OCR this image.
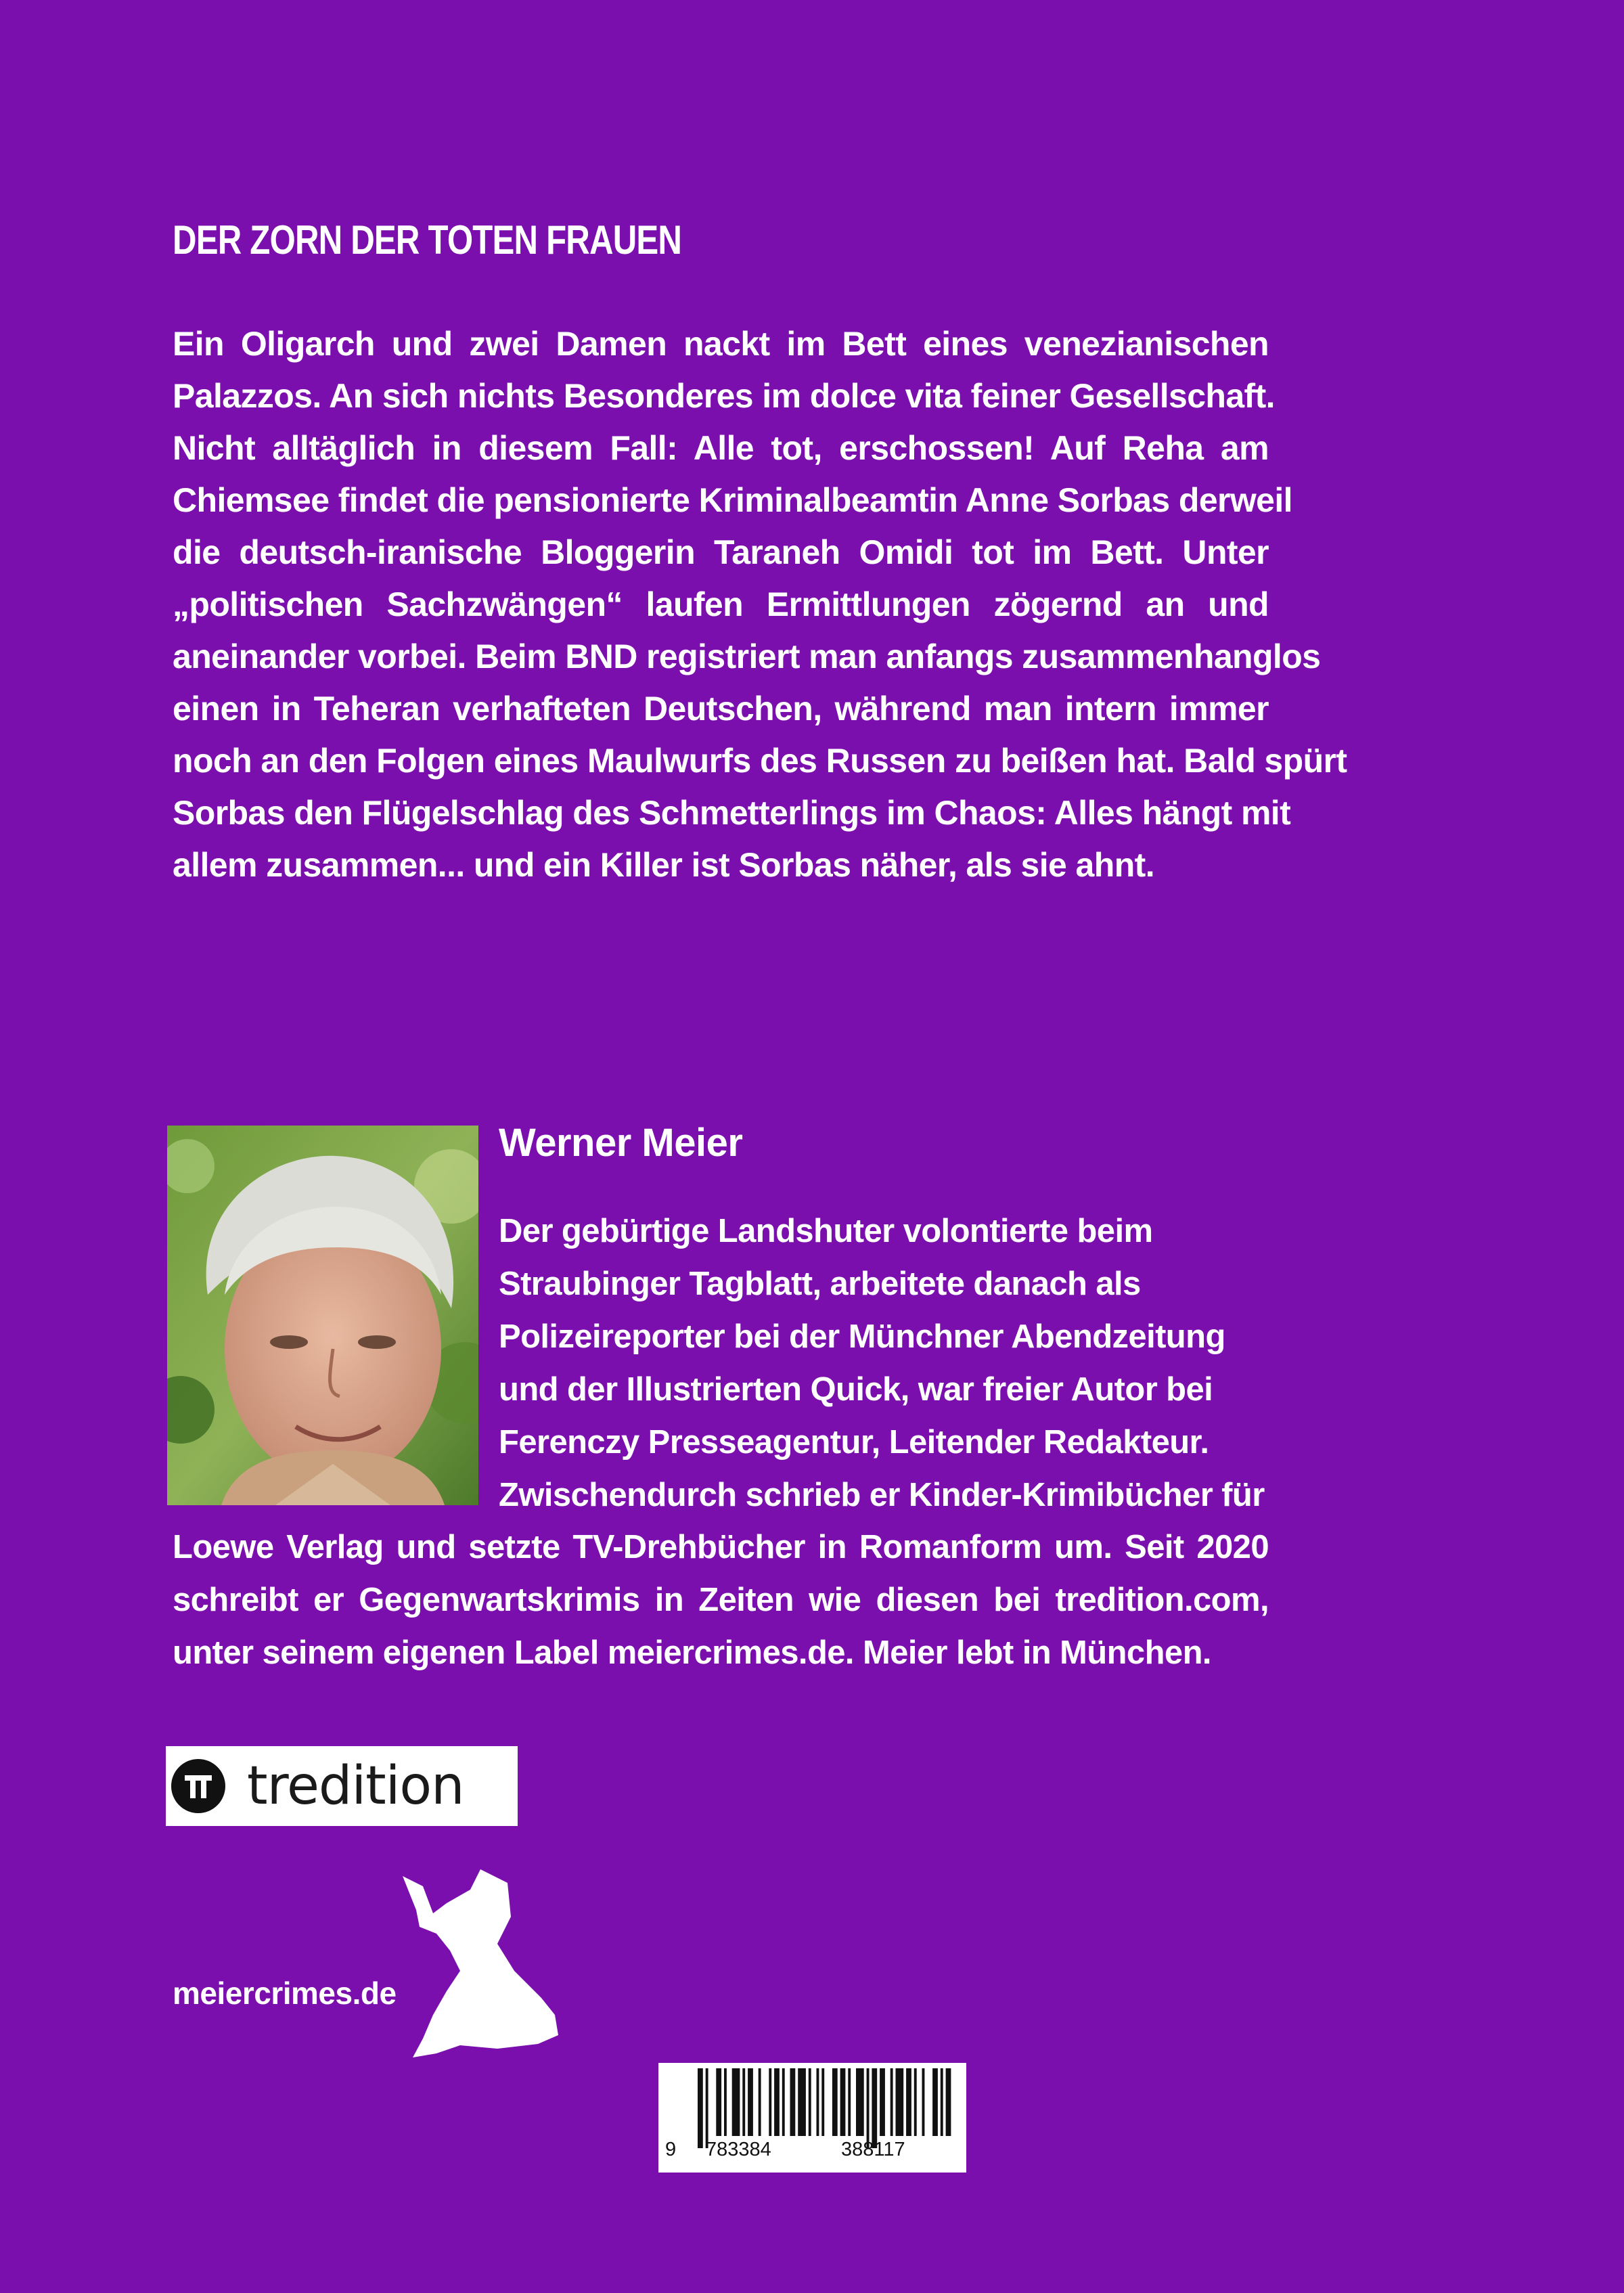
DER ZORN DER TOTEN FRAUEN
Ein Oligarch und zwei Damen nackt im Bett eines venezianischen
Palazzos. An sich nichts Besonderes im dolce vita feiner Gesellschaft.
Nicht alltäglich in diesem Fall: Alle tot, erschossen! Auf Reha am
Chiemsee findet die pensionierte Kriminalbeamtin Anne Sorbas derweil
die deutsch-iranische Bloggerin Taraneh Omidi tot im Bett. Unter
„politischen Sachzwängen“ laufen Ermittlungen zögernd an und
aneinander vorbei. Beim BND registriert man anfangs zusammenhanglos
einen in Teheran verhafteten Deutschen, während man intern immer
noch an den Folgen eines Maulwurfs des Russen zu beißen hat. Bald spürt
Sorbas den Flügelschlag des Schmetterlings im Chaos: Alles hängt mit
allem zusammen... und ein Killer ist Sorbas näher, als sie ahnt.
Werner Meier
Der gebürtige Landshuter volontierte beim
Straubinger Tagblatt, arbeitete danach als
Polizeireporter bei der Münchner Abendzeitung
und der Illustrierten Quick, war freier Autor bei
Ferenczy Presseagentur, Leitender Redakteur.
Zwischendurch schrieb er Kinder-Krimibücher für
Loewe Verlag und setzte TV-Drehbücher in Romanform um. Seit 2020
schreibt er Gegenwartskrimis in Zeiten wie diesen bei tredition.com,
unter seinem eigenen Label meiercrimes.de. Meier lebt in München.
tredition
meiercrimes.de
9 783384	388117
